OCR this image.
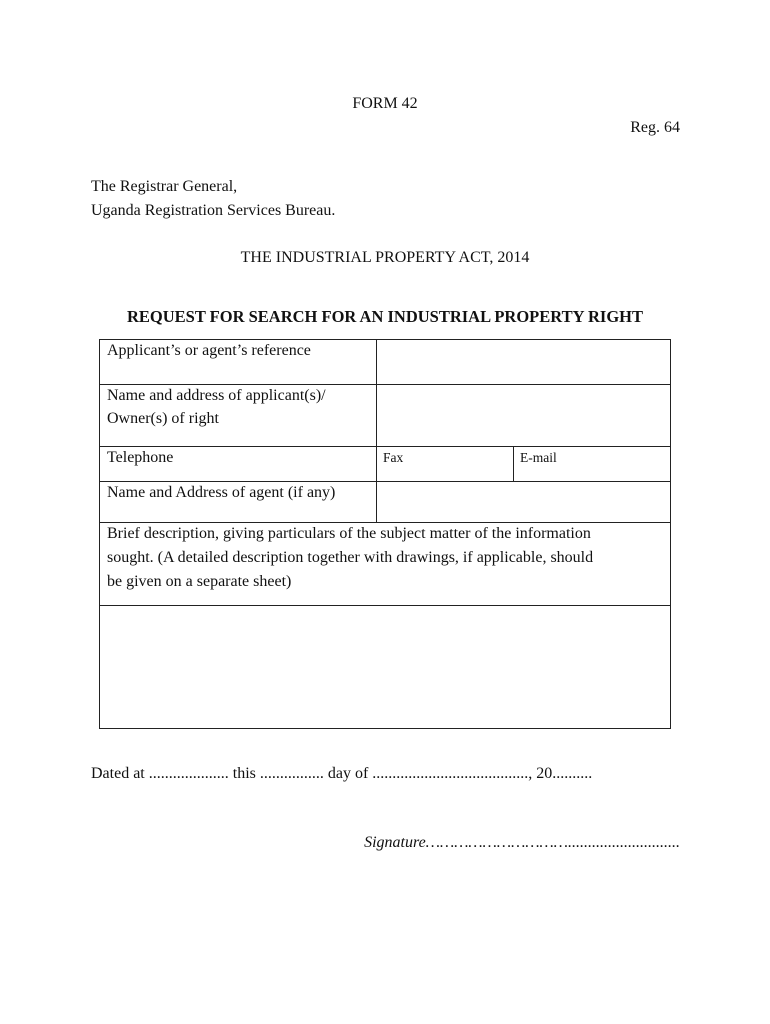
FORM 42
Reg. 64
The Registrar General,
Uganda Registration Services Bureau.
THE INDUSTRIAL PROPERTY ACT, 2014
REQUEST FOR SEARCH FOR AN INDUSTRIAL PROPERTY RIGHT
Applicant’s or agent’s reference
Name and address of applicant(s)/
Owner(s) of right
Telephone	Fax	E-mail
Name and Address of agent (if any)
Brief description, giving particulars of the subject matter of the information
sought. (A detailed description together with drawings, if applicable, should
be given on a separate sheet)
Dated at .................... this ................ day of ......................................., 20..........
Signature…………………………............................
